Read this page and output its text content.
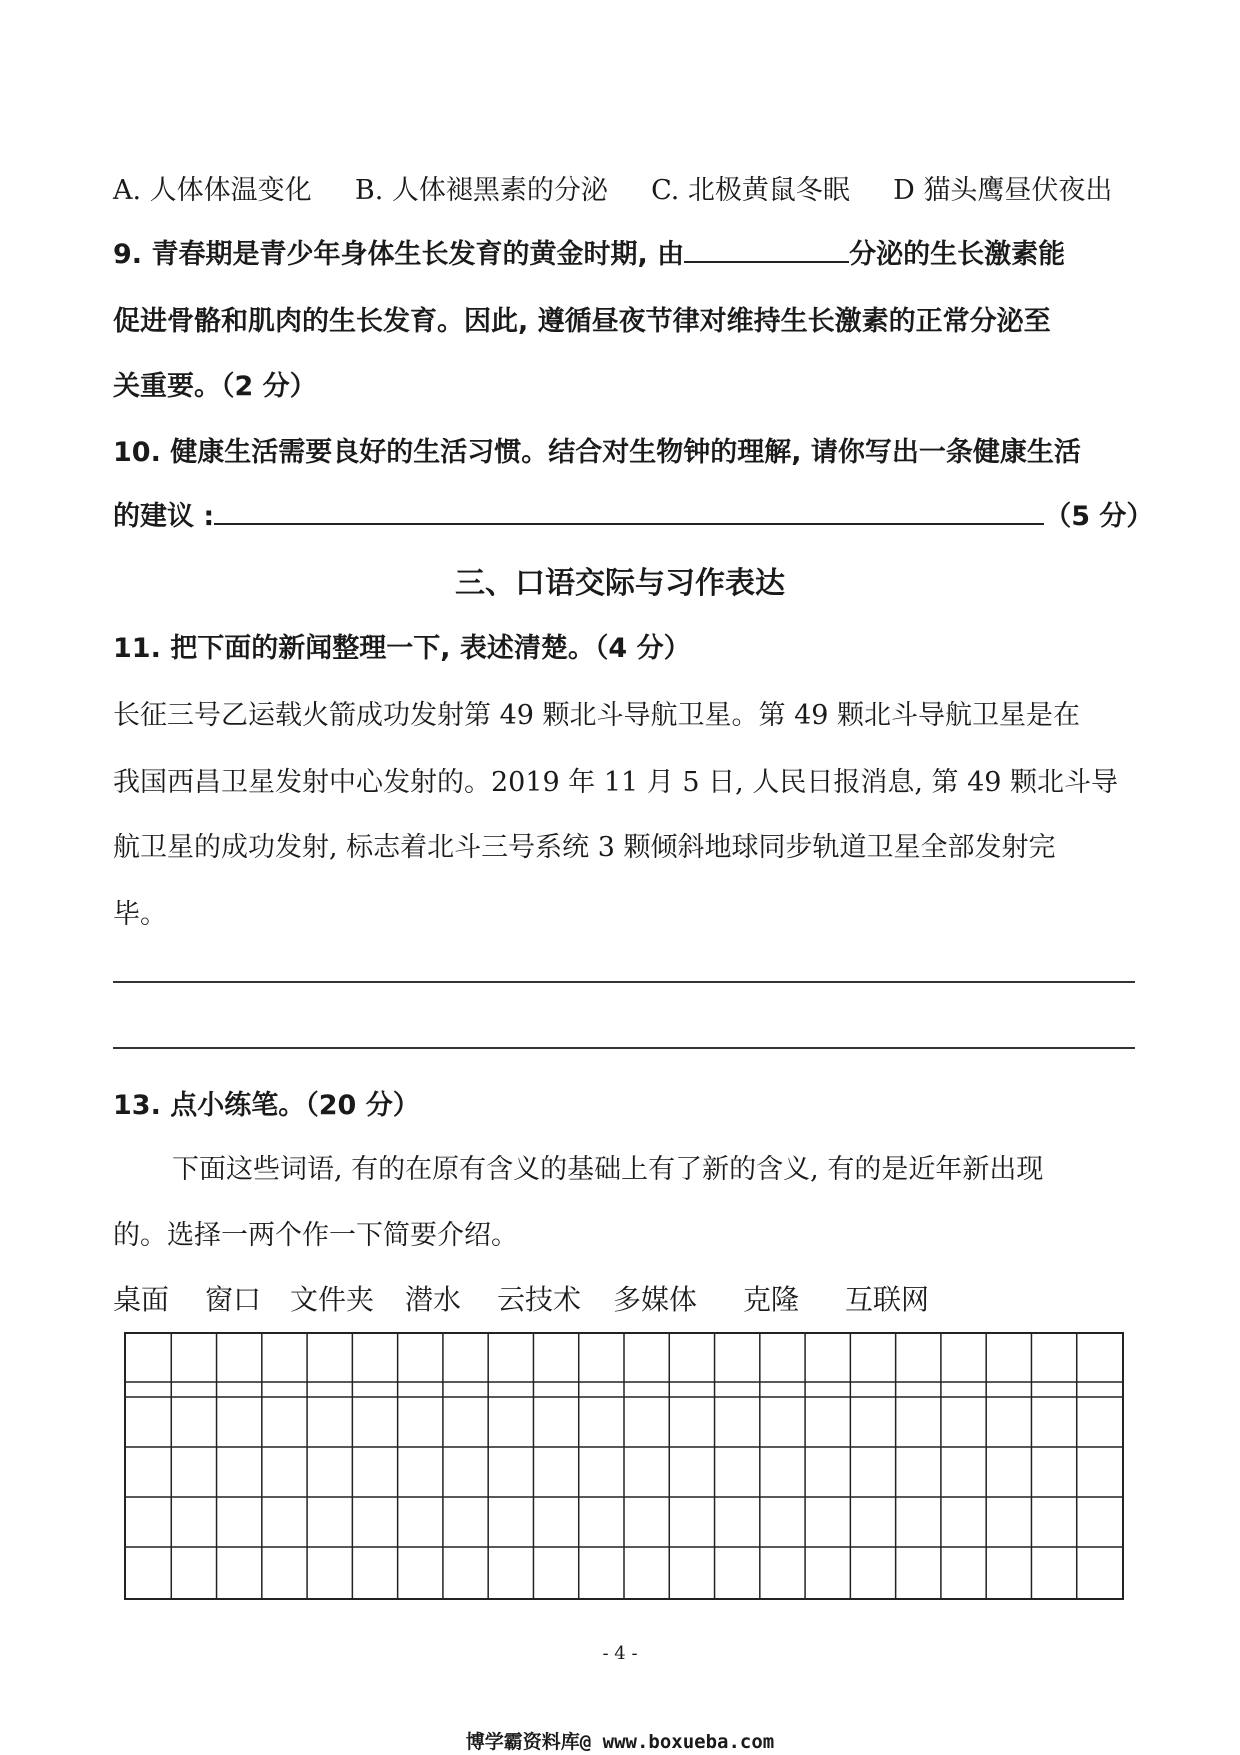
A. 人体体温变化 B. 人体褪黑素的分泌 C. 北极黄鼠冬眠 D 猫头鹰昼伏夜出
9. 青春期是青少年身体生长发育的黄金时期, 由	分泌的生长激素能
促进骨骼和肌肉的生长发育。因此, 遵循昼夜节律对维持生长激素的正常分泌至
关重要。（2 分）
10. 健康生活需要良好的生活习惯。结合对生物钟的理解, 请你写出一条健康生活
的建议 :	（5 分）
三、口语交际与习作表达
11. 把下面的新闻整理一下, 表述清楚。（4 分）
长征三号乙运载火箭成功发射第 49 颗北斗导航卫星。第 49 颗北斗导航卫星是在
我国西昌卫星发射中心发射的。2019 年 11 月 5 日, 人民日报消息, 第 49 颗北斗导
航卫星的成功发射, 标志着北斗三号系统 3 颗倾斜地球同步轨道卫星全部发射完
毕。
13. 点小练笔。（20 分）
下面这些词语, 有的在原有含义的基础上有了新的含义, 有的是近年新出现
的。选择一两个作一下简要介绍。
桌面 窗口 文件夹 潜水 云技术 多媒体 克隆 互联网
- 4 -
博学霸资料库@ www.boxueba.com
